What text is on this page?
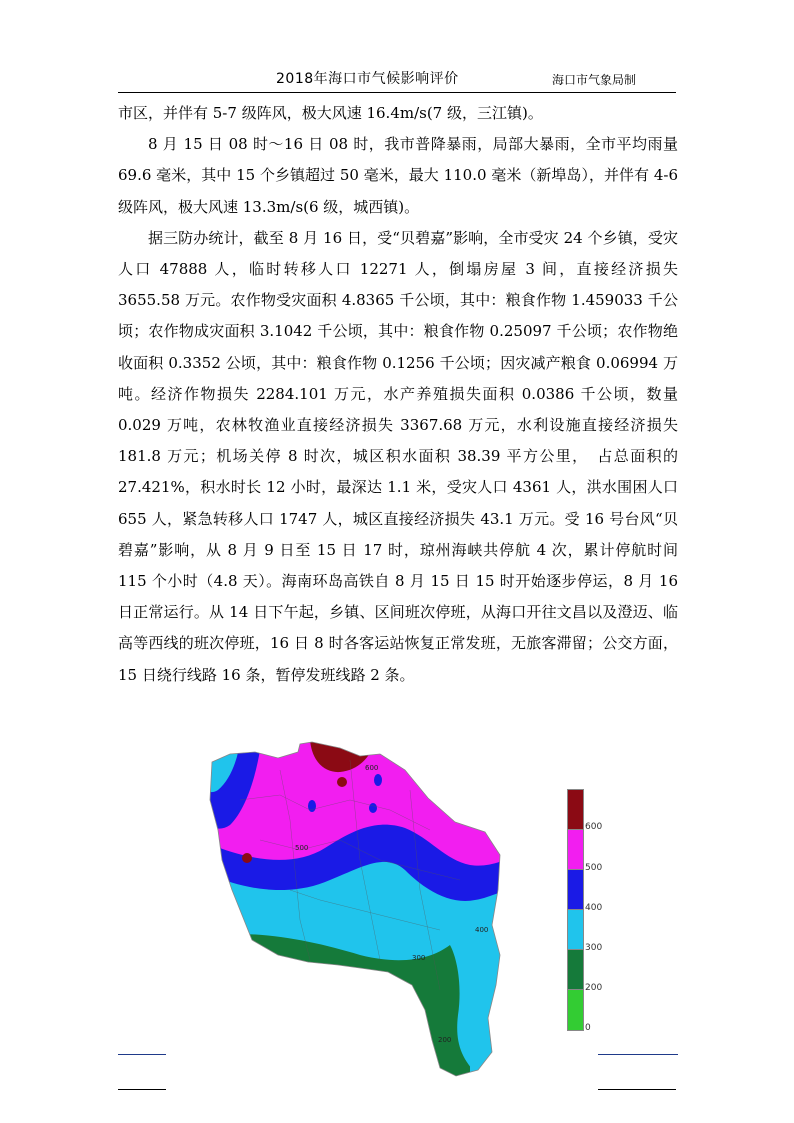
2018年海口市气候影响评价	海口市气象局制

市区，并伴有 5-7 级阵风，极大风速 16.4m/s(7 级，三江镇)。

8 月 15 日 08 时～16 日 08 时，我市普降暴雨，局部大暴雨，全市平均雨量 69.6 毫米，其中 15 个乡镇超过 50 毫米，最大 110.0 毫米（新埠岛），并伴有 4-6 级阵风，极大风速 13.3m/s(6 级，城西镇)。

据三防办统计，截至 8 月 16 日，受“贝碧嘉”影响，全市受灾 24 个乡镇，受灾人口 47888 人，临时转移人口 12271 人，倒塌房屋 3 间，直接经济损失 3655.58 万元。农作物受灾面积 4.8365 千公顷，其中：粮食作物 1.459033 千公顷；农作物成灾面积 3.1042 千公顷，其中：粮食作物 0.25097 千公顷；农作物绝收面积 0.3352 公顷，其中：粮食作物 0.1256 千公顷；因灾减产粮食 0.06994 万吨。经济作物损失 2284.101 万元，水产养殖损失面积 0.0386 千公顷，数量 0.029 万吨，农林牧渔业直接经济损失 3367.68 万元，水利设施直接经济损失 181.8 万元；机场关停 8 时次，城区积水面积 38.39 平方公里，　占总面积的 27.421%，积水时长 12 小时，最深达 1.1 米，受灾人口 4361 人，洪水围困人口 655 人，紧急转移人口 1747 人，城区直接经济损失 43.1 万元。受 16 号台风“贝碧嘉”影响，从 8 月 9 日至 15 日 17 时，琼州海峡共停航 4 次，累计停航时间 115 个小时（4.8 天）。海南环岛高铁自 8 月 15 日 15 时开始逐步停运，8 月 16 日正常运行。从 14 日下午起，乡镇、区间班次停班，从海口开往文昌以及澄迈、临高等西线的班次停班，16 日 8 时各客运站恢复正常发班，无旅客滞留；公交方面，15 日绕行线路 16 条，暂停发班线路 2 条。

600
500
400
300
200
600
500
400
300
200
0
